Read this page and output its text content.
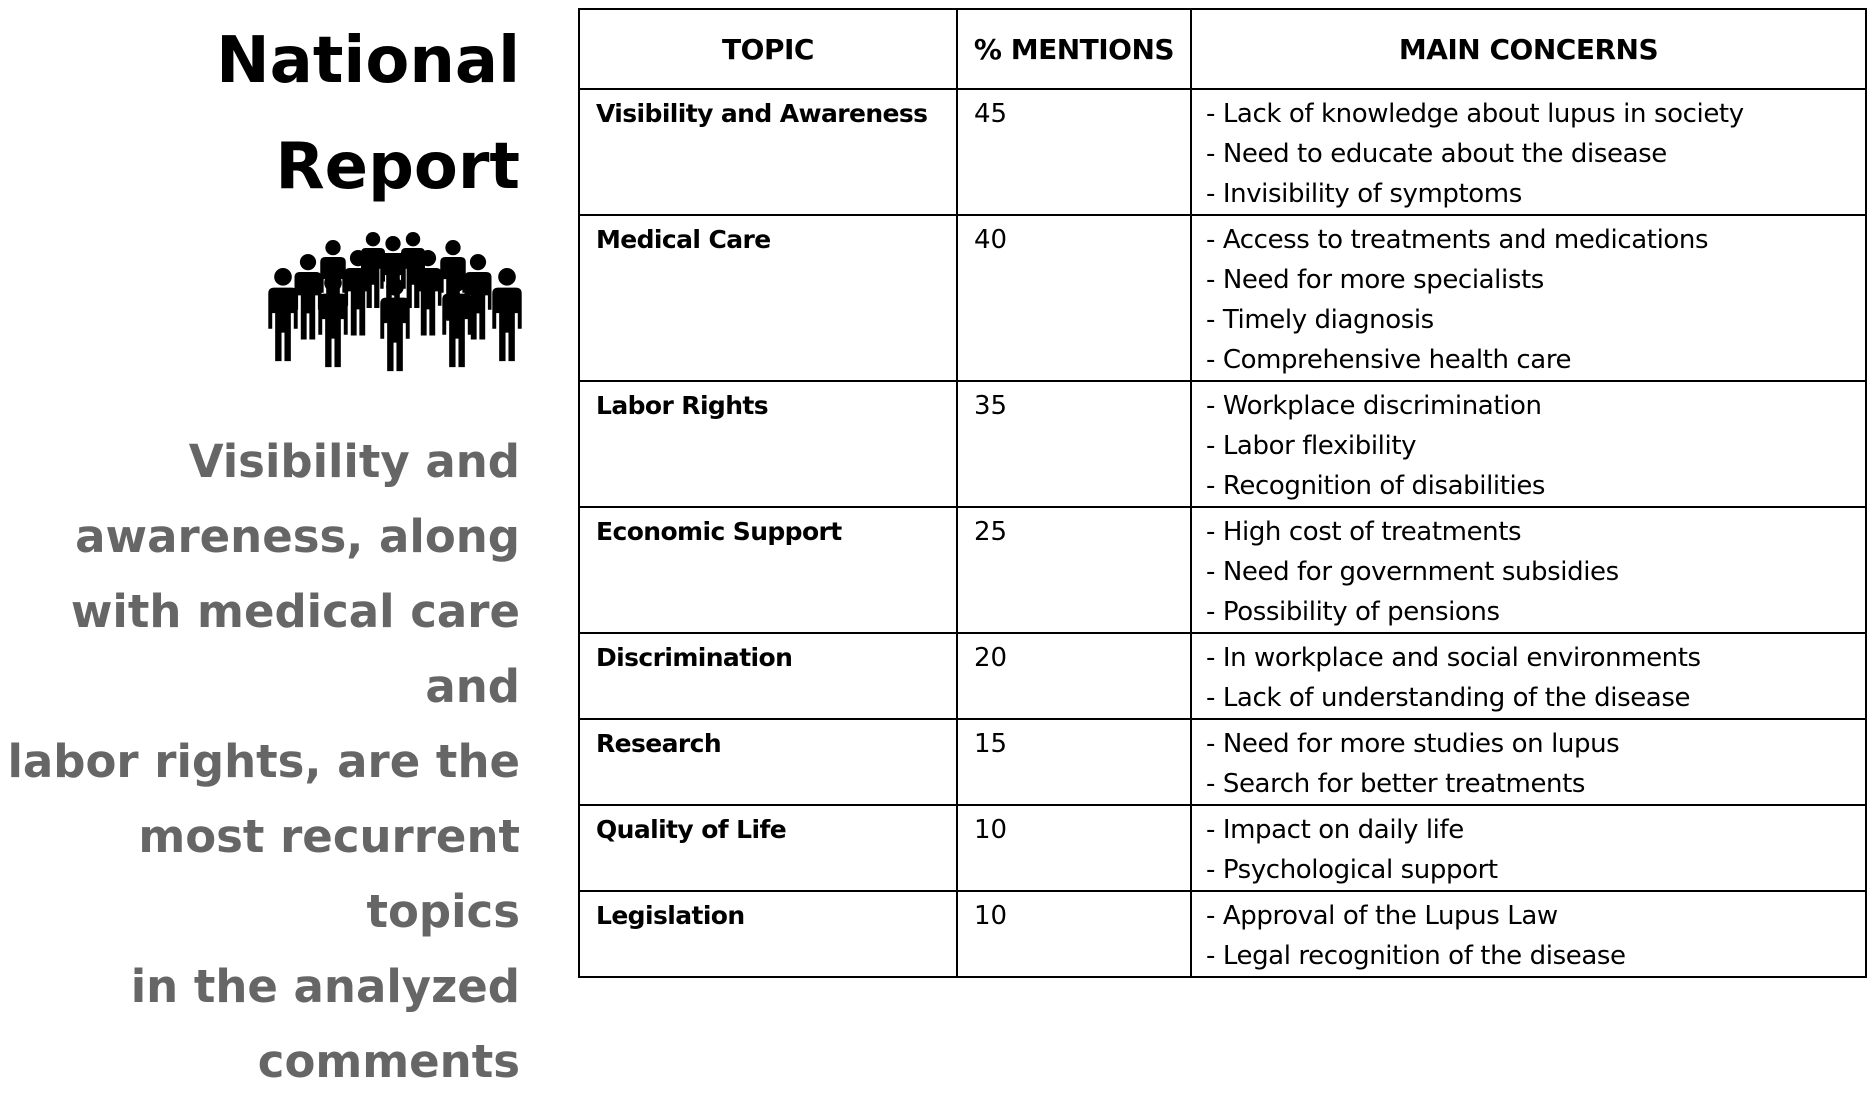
National
Report

Visibility and
awareness, along
with medical care and
labor rights, are the
most recurrent topics
in the analyzed
comments

TOPIC	% MENTIONS	MAIN CONCERNS
Visibility and Awareness	45	- Lack of knowledge about lupus in society
- Need to educate about the disease
- Invisibility of symptoms

Medical Care	40	- Access to treatments and medications
- Need for more specialists
- Timely diagnosis
- Comprehensive health care

Labor Rights	35	- Workplace discrimination
- Labor flexibility
- Recognition of disabilities

Economic Support	25	- High cost of treatments
- Need for government subsidies
- Possibility of pensions

Discrimination	20	- In workplace and social environments
- Lack of understanding of the disease

Research	15	- Need for more studies on lupus
- Search for better treatments

Quality of Life	10	- Impact on daily life
- Psychological support

Legislation	10	- Approval of the Lupus Law
- Legal recognition of the disease
